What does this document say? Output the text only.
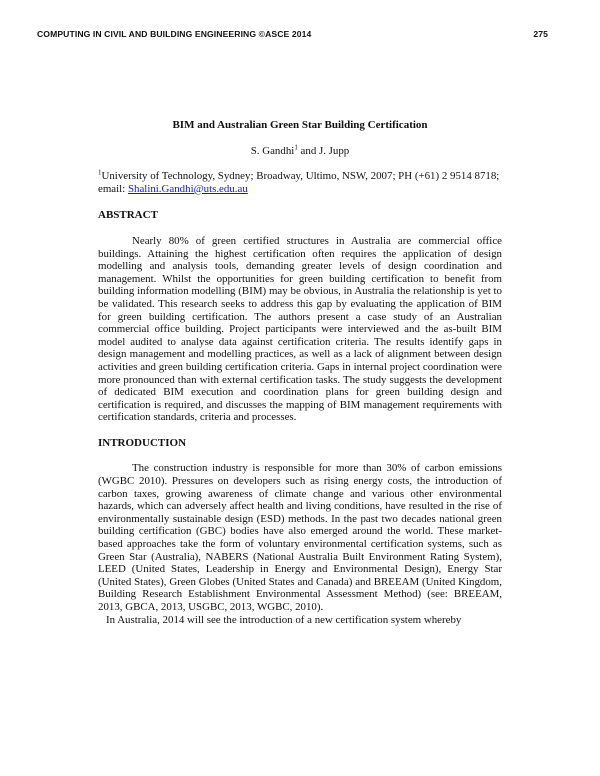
COMPUTING IN CIVIL AND BUILDING ENGINEERING ©ASCE 2014	275

BIM and Australian Green Star Building Certification

S. Gandhi$^1$ and J. Jupp

$^1$University of Technology, Sydney; Broadway, Ultimo, NSW, 2007; PH (+61) 2 9514 8718; email: Shalini.Gandhi@uts.edu.au

ABSTRACT

Nearly 80% of green certified structures in Australia are commercial office buildings. Attaining the highest certification often requires the application of design modelling and analysis tools, demanding greater levels of design coordination and management. Whilst the opportunities for green building certification to benefit from building information modelling (BIM) may be obvious, in Australia the relationship is yet to be validated. This research seeks to address this gap by evaluating the application of BIM for green building certification. The authors present a case study of an Australian commercial office building. Project participants were interviewed and the as-built BIM model audited to analyse data against certification criteria. The results identify gaps in design management and modelling practices, as well as a lack of alignment between design activities and green building certification criteria. Gaps in internal project coordination were more pronounced than with external certification tasks. The study suggests the development of dedicated BIM execution and coordination plans for green building design and certification is required, and discusses the mapping of BIM management requirements with certification standards, criteria and processes.

INTRODUCTION

The construction industry is responsible for more than 30% of carbon emissions (WGBC 2010). Pressures on developers such as rising energy costs, the introduction of carbon taxes, growing awareness of climate change and various other environmental hazards, which can adversely affect health and living conditions, have resulted in the rise of environmentally sustainable design (ESD) methods. In the past two decades national green building certification (GBC) bodies have also emerged around the world. These market-based approaches take the form of voluntary environmental certification systems, such as Green Star (Australia), NABERS (National Australia Built Environment Rating System), LEED (United States, Leadership in Energy and Environmental Design), Energy Star (United States), Green Globes (United States and Canada) and BREEAM (United Kingdom, Building Research Establishment Environmental Assessment Method) (see: BREEAM, 2013, GBCA, 2013, USGBC, 2013, WGBC, 2010).

In Australia, 2014 will see the introduction of a new certification system whereby
